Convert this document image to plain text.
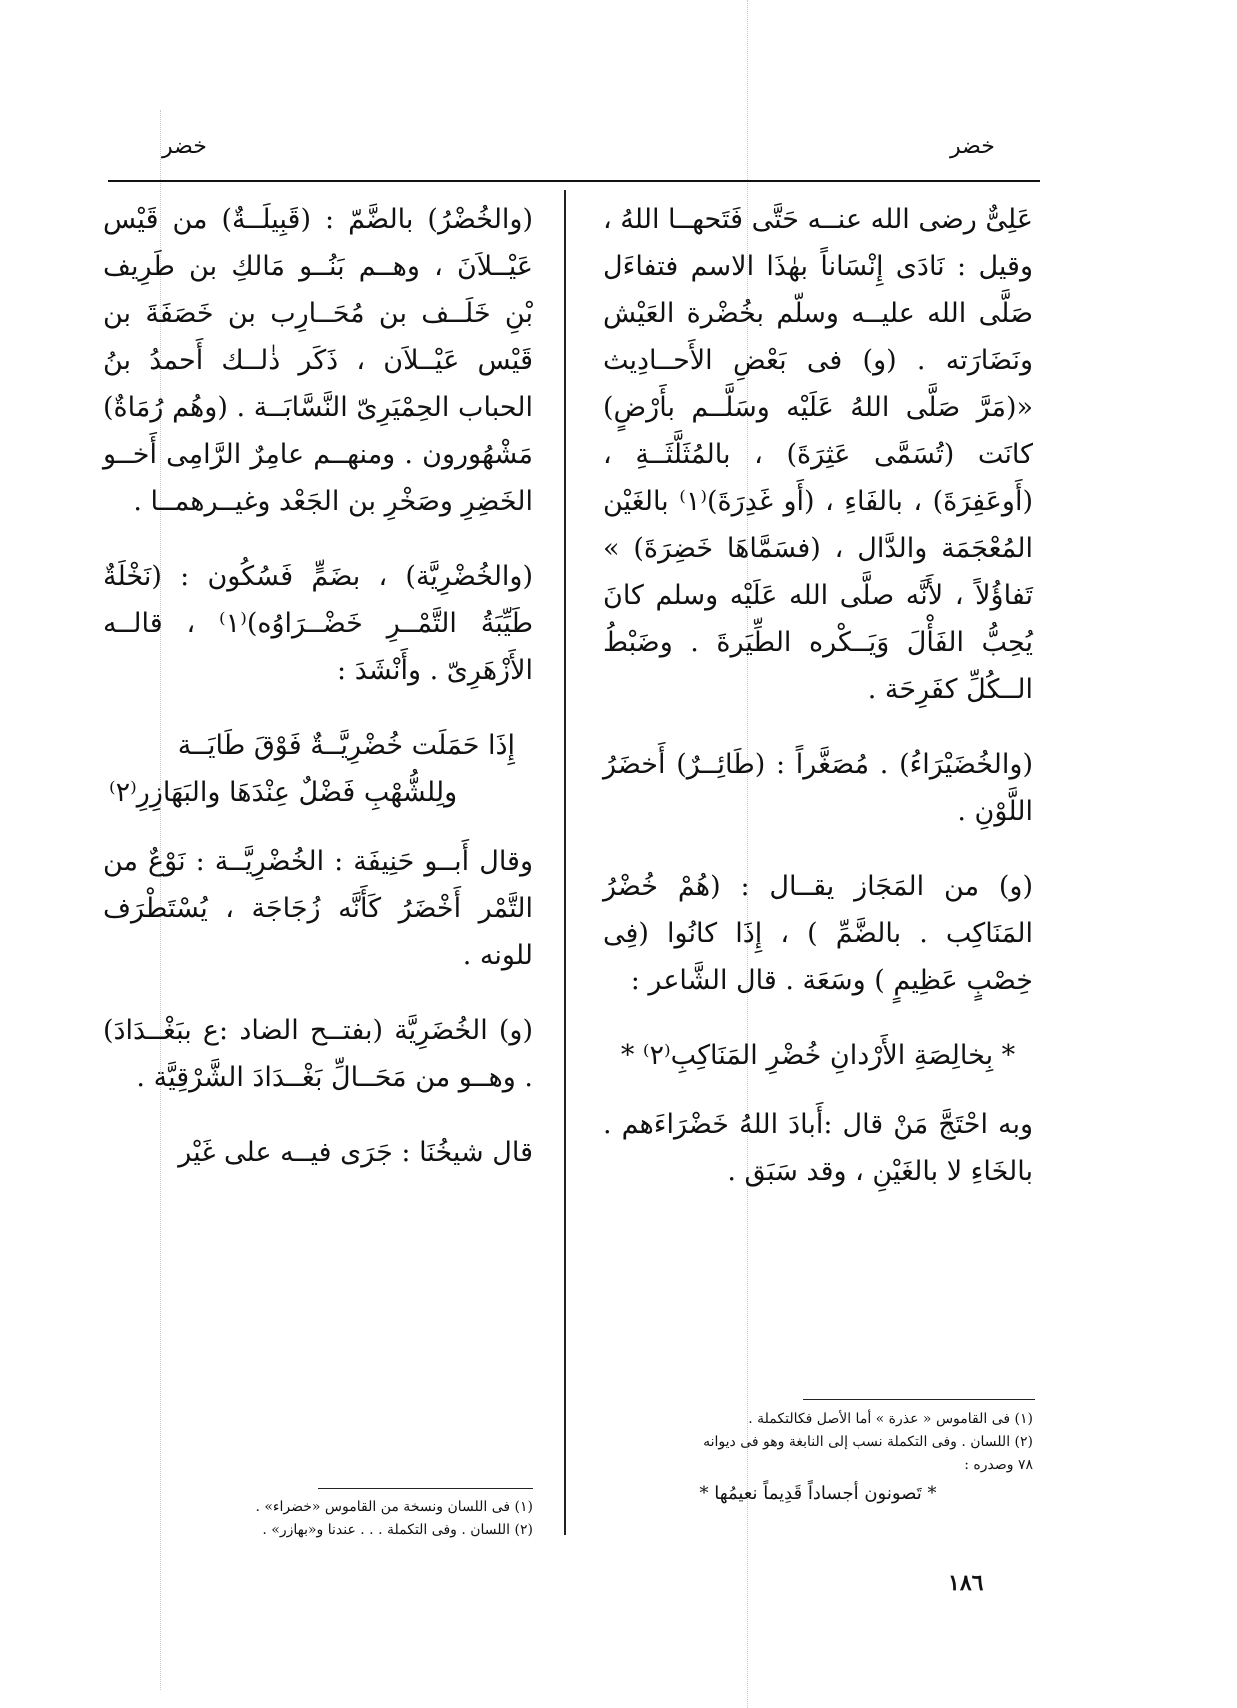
خضر
خضر

عَلِىٌّ رضى الله عنــه حَتَّى فَتَحهــا اللهُ ، وقيل : نَادَى إِنْسَاناً بهٰذَا الاسم فتفاءَل صَلَّى الله عليــه وسلّم بخُضْرة العَيْش ونَضَارَته . (و) فى بَعْضِ الأَحــادِيث «(مَرَّ صَلَّى اللهُ عَلَيْه وسَلَّــم بأَرْضٍ) كانَت (تُسَمَّى عَثِرَةَ) ، بالمُثَلَّثَــةِ ، (أَوعَفِرَةَ) ، بالفَاءِ ، (أَو غَدِرَةَ)⁽١⁾ بالغَيْن المُعْجَمَة والدَّال ، (فسَمَّاهَا خَضِرَةَ) » تَفاؤُلاً ، لأَنَّه صلَّى الله عَلَيْه وسلم كانَ يُحِبُّ الفَأْلَ وَيَــكْره الطِّيَرةَ . وضَبْطُ الــكُلِّ كفَرِحَة .

(والخُضَيْرَاءُ) . مُصَغَّراً : (طَائِــرٌ) أَخضَرُ اللَّوْنِ .

(و) من المَجَاز يقــال : (هُمْ خُضْرُ المَنَاكِب . بالضَّمِّ ) ، إِذَا كانُوا (فِى خِصْبٍ عَظِيمٍ ) وسَعَة . قال الشَّاعر :

* بِخالِصَةِ الأَرْدانِ خُضْرِ المَنَاكِبِ⁽٢⁾ *

وبه احْتَجَّ مَنْ قال :أَبادَ اللهُ خَضْرَاءَهم . بالخَاءِ لا بالغَيْنِ ، وقد سَبَق .

(١) فى القاموس « عذرة » أما الأصل فكالتكملة .
(٢) اللسان . وفى التكملة نسب إلى النابغة وهو فى ديوانه
٧٨ وصدره :
* تَصونون أجساداً قَدِيماً نعيمُها *

(والخُضْرُ) بالضَّمّ : (قَبِيلَــةٌ) من قَيْس عَيْــلاَنَ ، وهــم بَنُــو مَالكِ بن طَرِيف بْنِ خَلَــف بن مُحَــارِب بن خَصَفَةَ بن قَيْس عَيْــلاَن ، ذَكَر ذٰلــك أَحمدُ بنُ الحباب الحِمْيَرِىّ النَّسَّابَــة . (وهُم رُمَاةٌ) مَشْهُورون . ومنهــم عامِرٌ الرَّامِى أَخــو الخَضِرِ وصَخْرِ بن الجَعْد وغيــرهمــا .

(والخُضْرِيَّة) ، بضَمٍّ فَسُكُون : (نَخْلَةٌ طَيِّبَةُ التَّمْــرِ خَضْــرَاوُه)⁽١⁾ ، قالــه الأَزْهَرِىّ . وأَنْشَدَ :

إِذَا حَمَلَت خُضْرِيَّــةٌ فَوْقَ طَايَــة
ولِلشُّهْبِ فَضْلٌ عِنْدَهَا والبَهَازِرِ⁽٢⁾

وقال أَبــو حَنِيفَة : الخُضْرِيَّــة : نَوْعٌ من التَّمْر أَخْضَرُ كَأَنَّه زُجَاجَة ، يُسْتَطْرَف للونه .

(و) الخُضَرِيَّة (بفتــح الضاد :ع ببَغْــدَادَ) . وهــو من مَحَــالِّ بَغْــدَادَ الشَّرْقِيَّة .

قال شيخُنَا : جَرَى فيــه على غَيْر

(١) فى اللسان ونسخة من القاموس «خضراء» .
(٢) اللسان . وفى التكملة . . . عندنا و«بهازر» .
١٨٦
